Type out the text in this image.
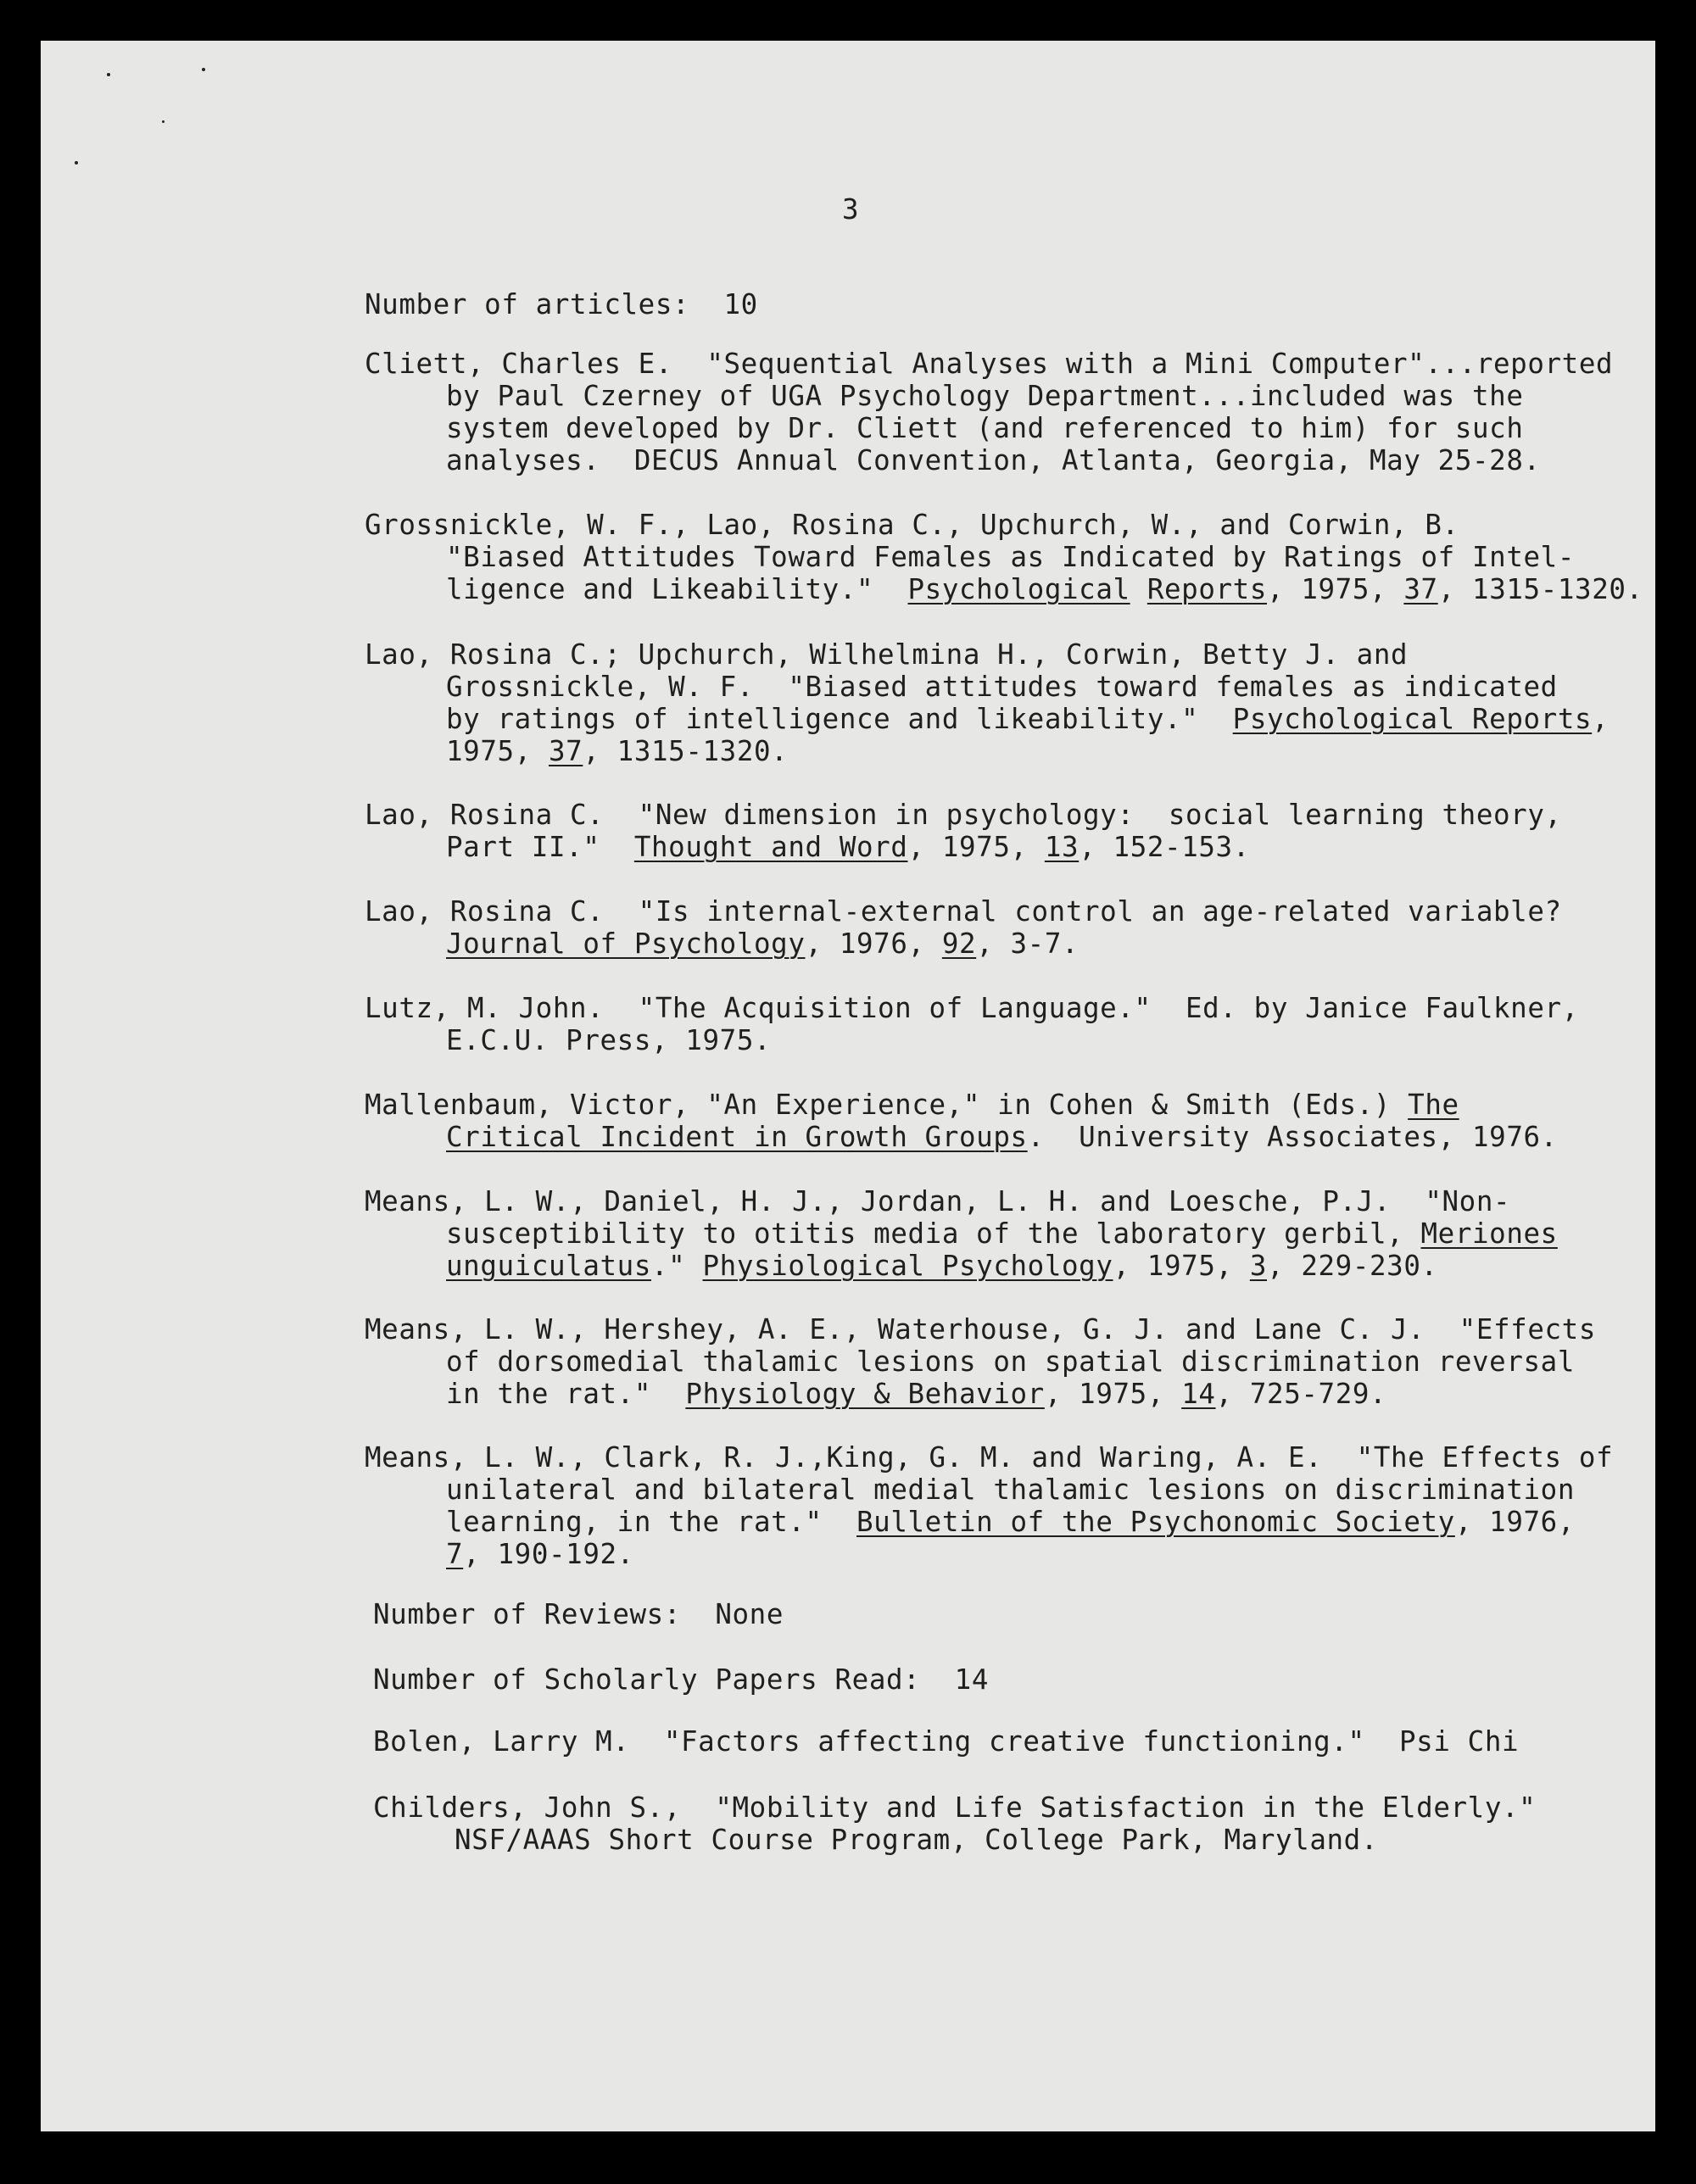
3
Number of articles:  10
Cliett, Charles E.  "Sequential Analyses with a Mini Computer"...reported
by Paul Czerney of UGA Psychology Department...included was the
system developed by Dr. Cliett (and referenced to him) for such
analyses.  DECUS Annual Convention, Atlanta, Georgia, May 25-28.
Grossnickle, W. F., Lao, Rosina C., Upchurch, W., and Corwin, B.
"Biased Attitudes Toward Females as Indicated by Ratings of Intel-
ligence and Likeability."  Psychological Reports, 1975, 37, 1315-1320.
Lao, Rosina C.; Upchurch, Wilhelmina H., Corwin, Betty J. and
Grossnickle, W. F.  "Biased attitudes toward females as indicated
by ratings of intelligence and likeability."  Psychological Reports,
1975, 37, 1315-1320.
Lao, Rosina C.  "New dimension in psychology:  social learning theory,
Part II."  Thought and Word, 1975, 13, 152-153.
Lao, Rosina C.  "Is internal-external control an age-related variable?
Journal of Psychology, 1976, 92, 3-7.
Lutz, M. John.  "The Acquisition of Language."  Ed. by Janice Faulkner,
E.C.U. Press, 1975.
Mallenbaum, Victor, "An Experience," in Cohen & Smith (Eds.) The
Critical Incident in Growth Groups.  University Associates, 1976.
Means, L. W., Daniel, H. J., Jordan, L. H. and Loesche, P.J.  "Non-
susceptibility to otitis media of the laboratory gerbil, Meriones
unguiculatus." Physiological Psychology, 1975, 3, 229-230.
Means, L. W., Hershey, A. E., Waterhouse, G. J. and Lane C. J.  "Effects
of dorsomedial thalamic lesions on spatial discrimination reversal
in the rat."  Physiology & Behavior, 1975, 14, 725-729.
Means, L. W., Clark, R. J.,King, G. M. and Waring, A. E.  "The Effects of
unilateral and bilateral medial thalamic lesions on discrimination
learning, in the rat."  Bulletin of the Psychonomic Society, 1976,
7, 190-192.
Number of Reviews:  None
Number of Scholarly Papers Read:  14
Bolen, Larry M.  "Factors affecting creative functioning."  Psi Chi
Childers, John S.,  "Mobility and Life Satisfaction in the Elderly."
NSF/AAAS Short Course Program, College Park, Maryland.
